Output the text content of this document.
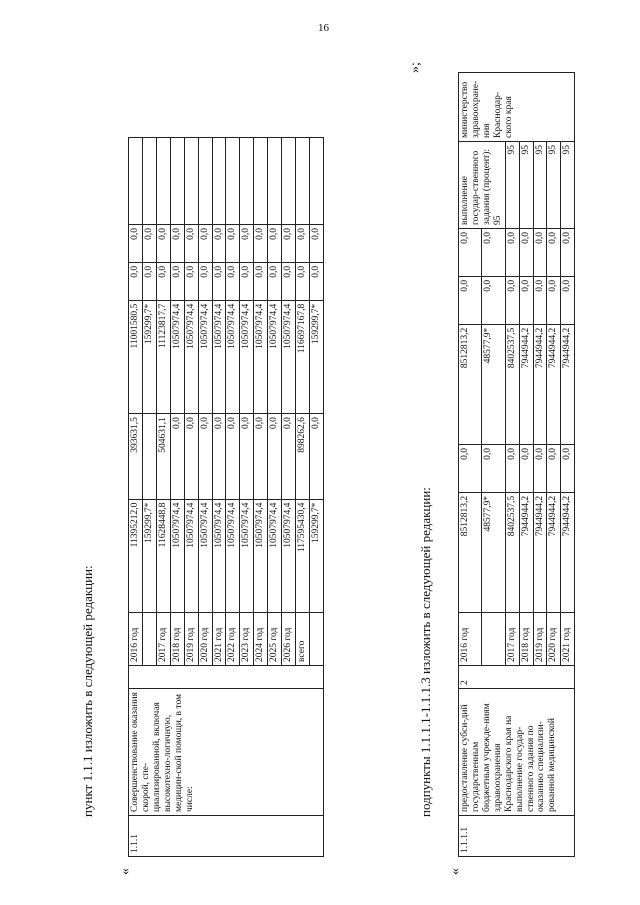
16
пункт 1.1.1 изложить в следующей редакции:
«
1.1.1	Совершенствование оказания скорой, спе-циализированной, включая высокотехно-логичную, медицин-ской помощи, в том числе:		2016 год	11395212,0	393631,5	11001580,5	0,0	0,0	
				159299,7*		159299,7*	0,0	0,0	
			2017 год	11628448,8	504631,1	11123817,7	0,0	0,0	
			2018 год	10507974,4	0,0	10507974,4	0,0	0,0	
			2019 год	10507974,4	0,0	10507974,4	0,0	0,0	
			2020 год	10507974,4	0,0	10507974,4	0,0	0,0	
			2021 год	10507974,4	0,0	10507974,4	0,0	0,0	
			2022 год	10507974,4	0,0	10507974,4	0,0	0,0	
			2023 год	10507974,4	0,0	10507974,4	0,0	0,0	
			2024 год	10507974,4	0,0	10507974,4	0,0	0,0	
			2025 год	10507974,4	0,0	10507974,4	0,0	0,0	
			2026 год	10507974,4	0,0	10507974,4	0,0	0,0	
			всего	117595430,4	898262,6	116697167,8	0,0	0,0	
				159299,7*	0,0	159299,7*	0,0	0,0	
»;
подпункты 1.1.1.1-1.1.1.3 изложить в следующей редакции:
«
1.1.1.1	предоставление субси-дий государственным бюджетным учрежде-ниям здравоохранения Краснодарского края на выполнение государ-ственного задания по оказанию специализи-рованной медицинской	2	2016 год	8512813,2	0,0	8512813,2	0,0	0,0	выполнение государ-ственного задания (процент): 95	министерство здравоохране-ния Краснодар-ского края
				48577,9*	0,0	48577,9*	0,0	0,0		
			2017 год	8402537,5	0,0	8402537,5	0,0	0,0	95	
			2018 год	7944944,2	0,0	7944944,2	0,0	0,0	95	
			2019 год	7944944,2	0,0	7944944,2	0,0	0,0	95	
			2020 год	7944944,2	0,0	7944944,2	0,0	0,0	95	
			2021 год	7944944,2	0,0	7944944,2	0,0	0,0	95	
